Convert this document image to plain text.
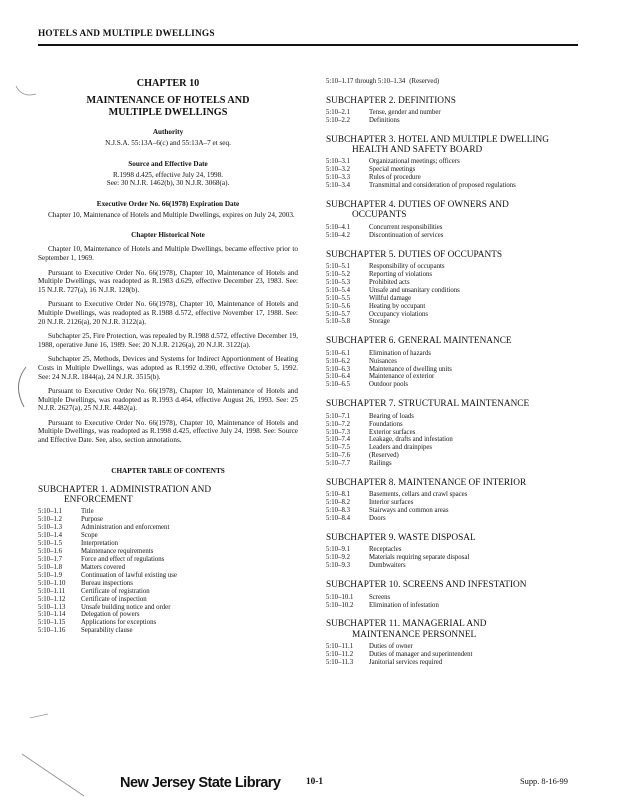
HOTELS AND MULTIPLE DWELLINGS
CHAPTER 10
MAINTENANCE OF HOTELS AND
MULTIPLE DWELLINGS
Authority
N.J.S.A. 55:13A–6(c) and 55:13A–7 et seq.
Source and Effective Date
R.1998 d.425, effective July 24, 1998.
See: 30 N.J.R. 1462(b), 30 N.J.R. 3068(a).
Executive Order No. 66(1978) Expiration Date
Chapter 10, Maintenance of Hotels and Multiple Dwellings, expires on July 24, 2003.
Chapter Historical Note
Chapter 10, Maintenance of Hotels and Multiple Dwellings, became effective prior to September 1, 1969.
Pursuant to Executive Order No. 66(1978), Chapter 10, Maintenance of Hotels and Multiple Dwellings, was readopted as R.1983 d.629, effective December 23, 1983. See: 15 N.J.R. 727(a), 16 N.J.R. 128(b).
Pursuant to Executive Order No. 66(1978), Chapter 10, Maintenance of Hotels and Multiple Dwellings, was readopted as R.1988 d.572, effective November 17, 1988. See: 20 N.J.R. 2126(a), 20 N.J.R. 3122(a).
Subchapter 25, Fire Protection, was repealed by R.1988 d.572, effective December 19, 1988, operative June 16, 1989. See: 20 N.J.R. 2126(a), 20 N.J.R. 3122(a).
Subchapter 25, Methods, Devices and Systems for Indirect Apportionment of Heating Costs in Multiple Dwellings, was adopted as R.1992 d.390, effective October 5, 1992. See: 24 N.J.R. 1844(a), 24 N.J.R. 3515(b).
Pursuant to Executive Order No. 66(1978), Chapter 10, Maintenance of Hotels and Multiple Dwellings, was readopted as R.1993 d.464, effective August 26, 1993. See: 25 N.J.R. 2627(a), 25 N.J.R. 4482(a).
Pursuant to Executive Order No. 66(1978), Chapter 10, Maintenance of Hotels and Multiple Dwellings, was readopted as R.1998 d.425, effective July 24, 1998. See: Source and Effective Date. See, also, section annotations.
CHAPTER TABLE OF CONTENTS
SUBCHAPTER 1. ADMINISTRATION AND
ENFORCEMENT
5:10–1.1	Title
5:10–1.2	Purpose
5:10–1.3	Administration and enforcement
5:10–1.4	Scope
5:10–1.5	Interpretation
5:10–1.6	Maintenance requirements
5:10–1.7	Force and effect of regulations
5:10–1.8	Matters covered
5:10–1.9	Continuation of lawful existing use
5:10–1.10	Bureau inspections
5:10–1.11	Certificate of registration
5:10–1.12	Certificate of inspection
5:10–1.13	Unsafe building notice and order
5:10–1.14	Delegation of powers
5:10–1.15	Applications for exceptions
5:10–1.16	Separability clause
5:10–1.17 through 5:10–1.34 (Reserved)
SUBCHAPTER 2. DEFINITIONS
5:10–2.1	Tense, gender and number
5:10–2.2	Definitions
SUBCHAPTER 3. HOTEL AND MULTIPLE DWELLING
HEALTH AND SAFETY BOARD
5:10–3.1	Organizational meetings; officers
5:10–3.2	Special meetings
5:10–3.3	Rules of procedure
5:10–3.4	Transmittal and consideration of proposed regulations
SUBCHAPTER 4. DUTIES OF OWNERS AND
OCCUPANTS
5:10–4.1	Concurrent responsibilities
5:10–4.2	Discontinuation of services
SUBCHAPTER 5. DUTIES OF OCCUPANTS
5:10–5.1	Responsibility of occupants
5:10–5.2	Reporting of violations
5:10–5.3	Prohibited acts
5:10–5.4	Unsafe and unsanitary conditions
5:10–5.5	Willful damage
5:10–5.6	Heating by occupant
5:10–5.7	Occupancy violations
5:10–5.8	Storage
SUBCHAPTER 6. GENERAL MAINTENANCE
5:10–6.1	Elimination of hazards
5:10–6.2	Nuisances
5:10–6.3	Maintenance of dwelling units
5:10–6.4	Maintenance of exterior
5:10–6.5	Outdoor pools
SUBCHAPTER 7. STRUCTURAL MAINTENANCE
5:10–7.1	Bearing of loads
5:10–7.2	Foundations
5:10–7.3	Exterior surfaces
5:10–7.4	Leakage, drafts and infestation
5:10–7.5	Leaders and drainpipes
5:10–7.6	(Reserved)
5:10–7.7	Railings
SUBCHAPTER 8. MAINTENANCE OF INTERIOR
5:10–8.1	Basements, cellars and crawl spaces
5:10–8.2	Interior surfaces
5:10–8.3	Stairways and common areas
5:10–8.4	Doors
SUBCHAPTER 9. WASTE DISPOSAL
5:10–9.1	Receptacles
5:10–9.2	Materials requiring separate disposal
5:10–9.3	Dumbwaiters
SUBCHAPTER 10. SCREENS AND INFESTATION
5:10–10.1	Screens
5:10–10.2	Elimination of infestation
SUBCHAPTER 11. MANAGERIAL AND
MAINTENANCE PERSONNEL
5:10–11.1	Duties of owner
5:10–11.2	Duties of manager and superintendent
5:10–11.3	Janitorial services required
New Jersey State Library	10-1	Supp. 8-16-99
